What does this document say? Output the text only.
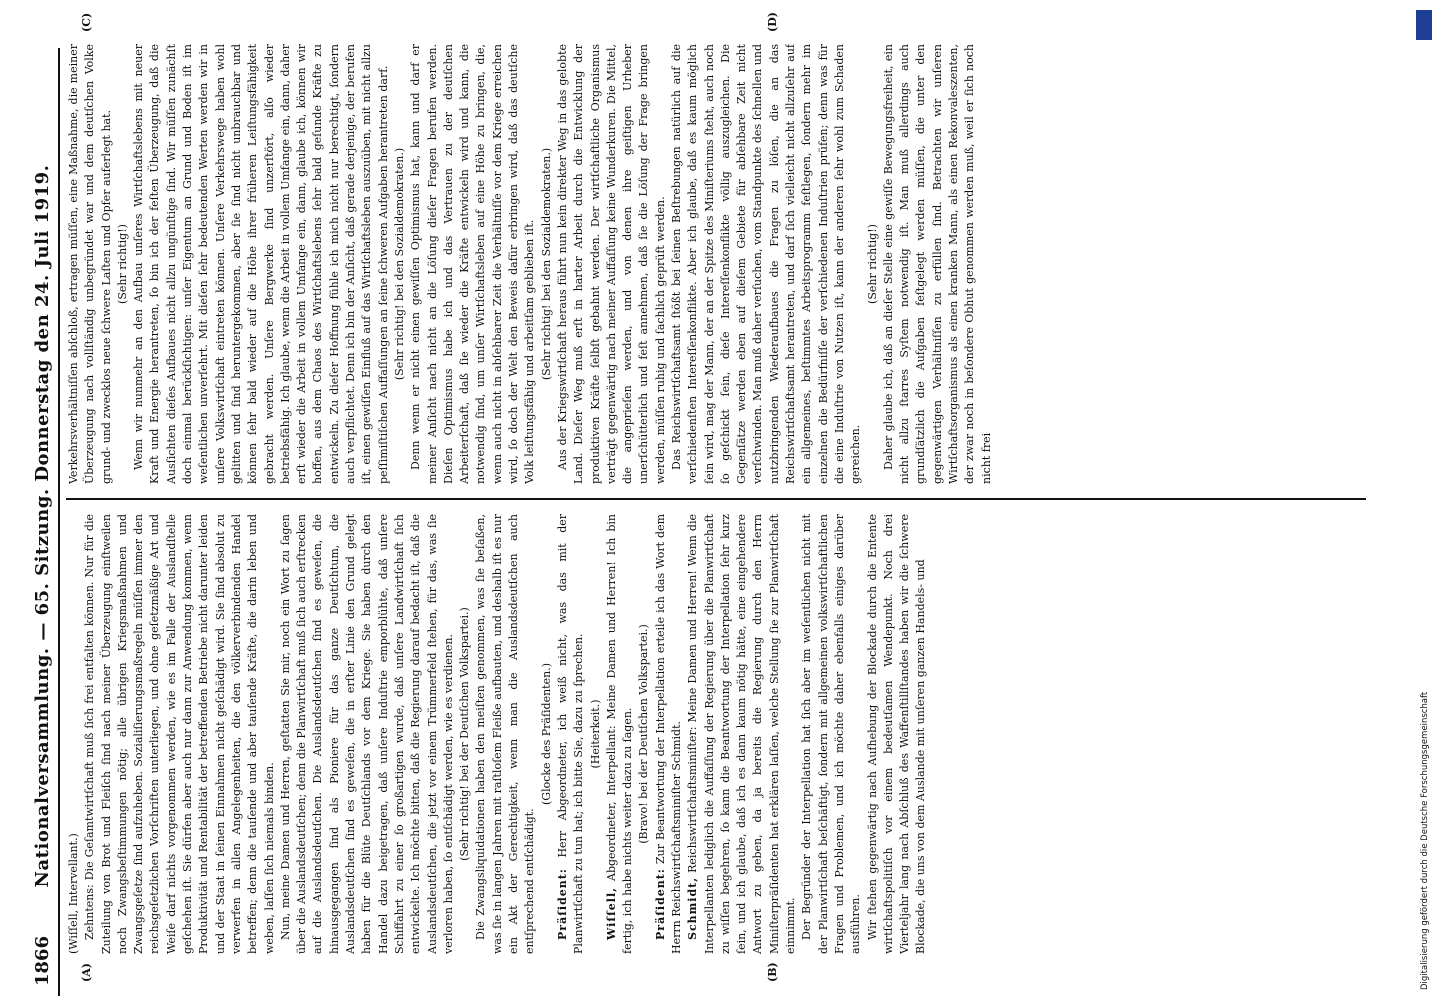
1866
Nationalversammlung. — 65. Sitzung. Donnerstag den 24. Juli 1919.
(A)	(B)
(C)	(D)

(Wiſſell, Intervellant.) Zehntens: Die Geſamtwirtſchaft muß ſich frei entfalten können. Nur für die Zuteilung von Brot und Fleiſch ſind nach meiner Überzeugung einſtweilen noch Zwangsbeſtimmungen nötig; alle übrigen Kriegsmaßnahmen und Zwangsgeſetze ſind aufzuheben. Sozialiſierungsmaßregeln müſſen immer den reichsgeſetzlichen Vorſchriften unterliegen, und ohne geſetzmäßige Art und Weiſe darf nichts vorgenommen werden, wie es im Falle der Auslandſtelle geſchehen iſt. Sie dürfen aber auch nur dann zur Anwendung kommen, wenn Produktivität und Rentabilität der betreffenden Betriebe nicht darunter leiden und der Staat in ſeinen Einnahmen nicht geſchädigt wird. Sie ſind absolut zu verwerfen in allen Angelegenheiten, die den völkerverbindenden Handel betreffen; denn die tauſende und aber tauſende Kräfte, die darin leben und weben, laſſen ſich niemals binden. Nun, meine Damen und Herren, geſtatten Sie mir, noch ein Wort zu ſagen über die Auslandsdeutſchen; denn die Planwirtſchaft muß ſich auch erſtrecken auf die Auslandsdeutſchen. Die Auslandsdeutſchen ſind es geweſen, die hinausgegangen ſind als Pioniere für das ganze Deutſchtum, die Auslandsdeutſchen ſind es geweſen, die in erſter Linie den Grund gelegt haben für die Blüte Deutſchlands vor dem Kriege. Sie haben durch den Handel dazu beigetragen, daß unſere Induſtrie emporblühte, daß unſere Schiffahrt zu einer ſo großartigen wurde, daß unſere Landwirtſchaft ſich entwickelte. Ich möchte bitten, daß die Regierung darauf bedacht iſt, daß die Auslandsdeutſchen, die jetzt vor einem Trümmerfeld ſtehen, für das, was ſie verloren haben, ſo entſchädigt werden, wie es verdienen. (Sehr richtig! bei der Deutſchen Volkspartei.) Die Zwangsliquidationen haben den meiſten genommen, was ſie beſaßen, was ſie in langen Jahren mit raſtloſem Fleiße aufbauten, und deshalb iſt es nur ein Akt der Gerechtigkeit, wenn man die Auslandsdeutſchen auch entſprechend entſchädigt.

(Glocke des Präſidenten.)

Präſident: Herr Abgeordneter, ich weiß nicht, was das mit der Planwirtſchaft zu tun hat; ich bitte Sie, dazu zu ſprechen. (Heiterkeit.)

Wiſſell, Abgeordneter, Interpellant: Meine Damen und Herren! Ich bin fertig, ich habe nichts weiter dazu zu ſagen. (Bravo! bei der Deutſchen Volkspartei.)

Präſident: Zur Beantwortung der Interpellation erteile ich das Wort dem Herrn Reichswirtſchaftsminiſter Schmidt. Schmidt, Reichswirtſchaftsminiſter: Meine Damen und Herren! Wenn die Interpellanten lediglich die Auffaſſung der Regierung über die Planwirtſchaft zu wiſſen begehren, ſo kann die Beantwortung der Interpellation ſehr kurz ſein, und ich glaube, daß ich es dann kaum nötig hätte, eine eingehendere Antwort zu geben, da ja bereits die Regierung durch den Herrn Miniſterpräſidenten hat erklären laſſen, welche Stellung ſie zur Planwirtſchaft einnimmt. Der Begründer der Interpellation hat ſich aber im weſentlichen nicht mit der Planwirtſchaft beſchäftigt, ſondern mit allgemeinen volkswirtſchaftlichen Fragen und Problemen, und ich möchte daher ebenfalls einiges darüber ausführen. Wir ſtehen gegenwärtig nach Aufhebung der Blockade durch die Entente wirtſchaftspolitiſch vor einem bedeutſamen Wendepunkt. Noch drei Vierteljahr lang nach Abſchluß des Waffenſtillſtandes haben wir die ſchwere Blockade, die uns von dem Auslande mit unſeren ganzen Handels- und

Verkehrsverhältniſſen abſchloß, ertragen müſſen, eine Maßnahme, die meiner Überzeugung nach vollſtändig unbegründet war und dem deutſchen Volke grund- und zwecklos neue ſchwere Laſten und Opfer auferlegt hat. (Sehr richtig!) Wenn wir nunmehr an den Aufbau unſeres Wirtſchaftslebens mit neuer Kraft und Energie herantreten, ſo bin ich der feſten Überzeugung, daß die Ausſichten dieſes Aufbaues nicht allzu ungünſtige ſind. Wir müſſen zunächſt doch einmal berückſichtigen: unſer Eigentum an Grund und Boden iſt im weſentlichen unverſehrt. Mit dieſen ſehr bedeutenden Werten werden wir in unſere Volkswirtſchaft eintreten können. Unſere Verkehrswege haben wohl gelitten und ſind heruntergekommen, aber ſie ſind nicht unbrauchbar und können ſehr bald wieder auf die Höhe ihrer früheren Leiſtungsfähigkeit gebracht werden. Unſere Bergwerke ſind unzerſtört, alſo wieder betriebsfähig. Ich glaube, wenn die Arbeit in vollem Umfange ein, dann, daher erſt wieder die Arbeit in vollem Umfange ein, dann, glaube ich, können wir hoffen, aus dem Chaos des Wirtſchaftslebens ſehr bald geſunde Kräfte zu entwickeln. Zu dieſer Hoffnung fühle ich mich nicht nur berechtigt, ſondern auch verpflichtet. Denn ich bin der Anſicht, daß gerade derjenige, der berufen iſt, einen gewiſſen Einfluß auf das Wirtſchaftsleben auszuüben, mit nicht allzu peſſimiſtiſchen Auffaſſungen an ſeine ſchweren Aufgaben herantreten darf. (Sehr richtig! bei den Sozialdemokraten.) Denn wenn er nicht einen gewiſſen Optimismus hat, kann und darf er meiner Anſicht nach nicht an die Löſung dieſer Fragen berufen werden. Dieſen Optimismus habe ich und das Vertrauen zu der deutſchen Arbeiterſchaft, daß ſie wieder die Kräfte entwickeln wird und kann, die notwendig ſind, um unſer Wirtſchaftsleben auf eine Höhe zu bringen, die, wenn auch nicht in abſehbarer Zeit die Verhältniſſe vor dem Kriege erreichen wird, ſo doch der Welt den Beweis dafür erbringen wird, daß das deutſche Volk leiſtungsfähig und arbeitſam geblieben iſt. (Sehr richtig! bei den Sozialdemokraten.) Aus der Kriegswirtſchaft heraus führt nun kein direkter Weg in das gelobte Land. Dieſer Weg muß erſt in harter Arbeit durch die Entwicklung der produktiven Kräfte ſelbſt gebahnt werden. Der wirtſchaftliche Organismus verträgt gegenwärtig nach meiner Auffaſſung keine Wunderkuren. Die Mittel, die angeprieſen werden, und von denen ihre geiſtigen Urheber unerſchütterlich und feſt annehmen, daß ſie die Löſung der Frage bringen werden, müſſen ruhig und ſachlich geprüft werden. Das Reichswirtſchaftsamt ſtößt bei ſeinen Beſtrebungen natürlich auf die verſchiedenſten Intereſſenkonflikte. Aber ich glaube, daß es kaum möglich ſein wird, mag der Mann, der an der Spitze des Miniſteriums ſteht, auch noch ſo geſchickt ſein, dieſe Intereſſenkonflikte völlig auszugleichen. Die Gegenſätze werden eben auf dieſem Gebiete für abſehbare Zeit nicht verſchwinden. Man muß daher verſuchen, vom Standpunkte des ſchnellen und nutzbringenden Wiederaufbaues die Fragen zu löſen, die an das Reichswirtſchaftsamt herantreten, und darf ſich vielleicht nicht allzuſehr auf ein allgemeines, beſtimmtes Arbeitsprogramm feſtlegen, ſondern mehr im einzelnen die Bedürfniſſe der verſchiedenen Induſtrien prüfen; denn was für die eine Induſtrie von Nutzen iſt, kann der anderen ſehr wohl zum Schaden gereichen.

(Sehr richtig!) Daher glaube ich, daß an dieſer Stelle eine gewiſſe Bewegungsfreiheit, ein nicht allzu ſtarres Syſtem notwendig iſt. Man muß allerdings auch grundſätzlich die Aufgaben feſtgelegt werden müſſen, die unter den gegenwärtigen Verhältniſſen zu erfüllen ſind. Betrachten wir unſeren Wirtſchaftsorganismus als einen kranken Mann, als einen Rekonvaleszenten, der zwar noch in beſondere Obhut genommen werden muß, weil er ſich noch nicht frei

Digitalisierung gefördert durch die Deutsche Forschungsgemeinschaft
